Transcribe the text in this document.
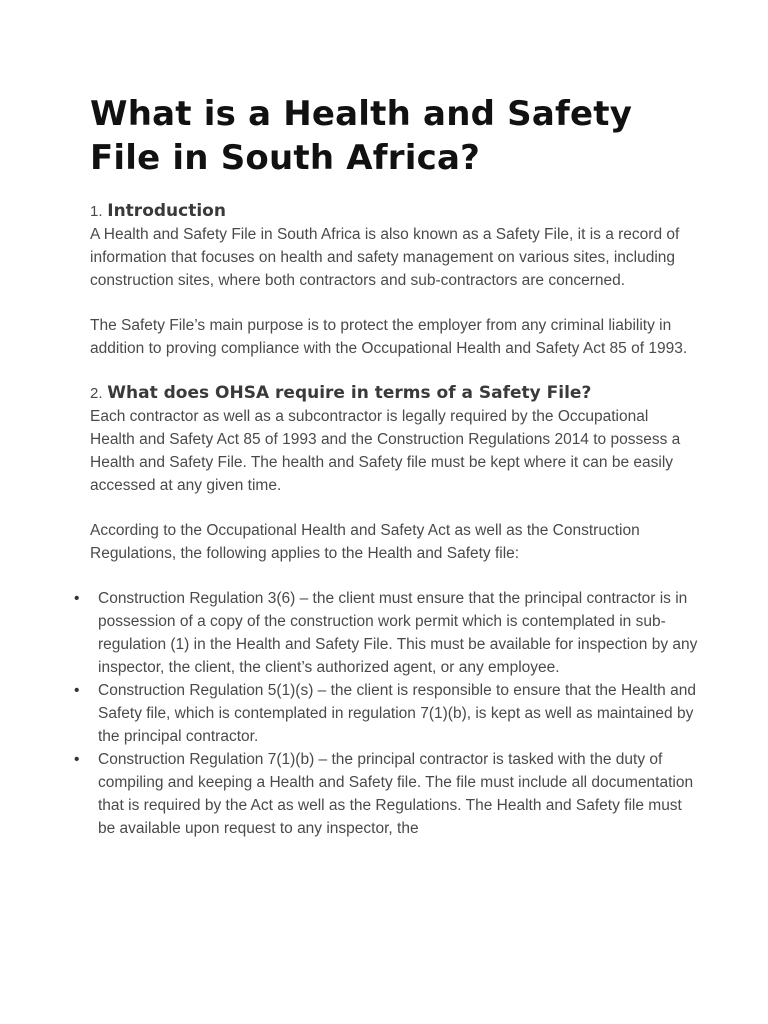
What is a Health and Safety File in South Africa?
1. Introduction

A Health and Safety File in South Africa is also known as a Safety File, it is a record of information that focuses on health and safety management on various sites, including construction sites, where both contractors and sub-contractors are concerned.

The Safety File’s main purpose is to protect the employer from any criminal liability in addition to proving compliance with the Occupational Health and Safety Act 85 of 1993.

2. What does OHSA require in terms of a Safety File?

Each contractor as well as a subcontractor is legally required by the Occupational Health and Safety Act 85 of 1993 and the Construction Regulations 2014 to possess a Health and Safety File. The health and Safety file must be kept where it can be easily accessed at any given time.

According to the Occupational Health and Safety Act as well as the Construction Regulations, the following applies to the Health and Safety file:

• Construction Regulation 3(6) – the client must ensure that the principal contractor is in possession of a copy of the construction work permit which is contemplated in sub-regulation (1) in the Health and Safety File. This must be available for inspection by any inspector, the client, the client’s authorized agent, or any employee.
• Construction Regulation 5(1)(s) – the client is responsible to ensure that the Health and Safety file, which is contemplated in regulation 7(1)(b), is kept as well as maintained by the principal contractor.
• Construction Regulation 7(1)(b) – the principal contractor is tasked with the duty of compiling and keeping a Health and Safety file. The file must include all documentation that is required by the Act as well as the Regulations. The Health and Safety file must be available upon request to any inspector, the
